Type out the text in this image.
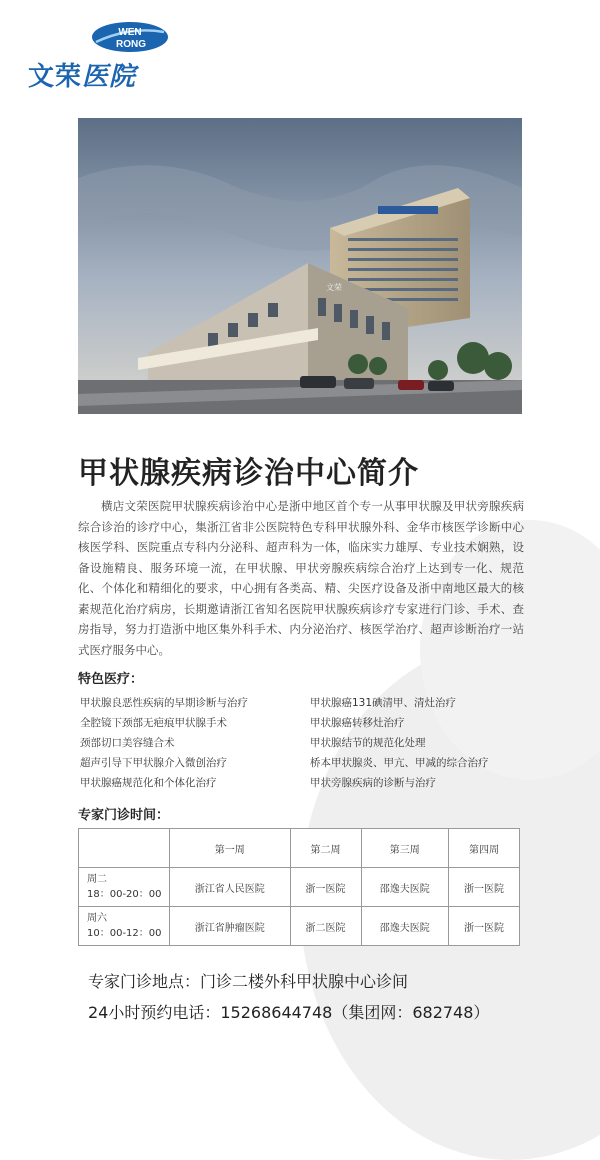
WEN
RONG
文荣医院
文荣
甲状腺疾病诊治中心简介
横店文荣医院甲状腺疾病诊治中心是浙中地区首个专一从事甲状腺及甲状旁腺疾病综合诊治的诊疗中心，集浙江省非公医院特色专科甲状腺外科、金华市核医学诊断中心核医学科、医院重点专科内分泌科、超声科为一体，临床实力雄厚、专业技术娴熟，设备设施精良、服务环境一流，在甲状腺、甲状旁腺疾病综合治疗上达到专一化、规范化、个体化和精细化的要求，中心拥有各类高、精、尖医疗设备及浙中南地区最大的核素规范化治疗病房，长期邀请浙江省知名医院甲状腺疾病诊疗专家进行门诊、手术、查房指导，努力打造浙中地区集外科手术、内分泌治疗、核医学治疗、超声诊断治疗一站式医疗服务中心。
特色医疗：
甲状腺良恶性疾病的早期诊断与治疗	甲状腺癌131碘清甲、清灶治疗
全腔镜下颈部无疤痕甲状腺手术	甲状腺癌转移灶治疗
颈部切口美容缝合术	甲状腺结节的规范化处理
超声引导下甲状腺介入微创治疗	桥本甲状腺炎、甲亢、甲减的综合治疗
甲状腺癌规范化和个体化治疗	甲状旁腺疾病的诊断与治疗
专家门诊时间：
	第一周	第二周	第三周	第四周

周二
18：00-20：00	浙江省人民医院	浙一医院	邵逸夫医院	浙一医院

周六
10：00-12：00	浙江省肿瘤医院	浙二医院	邵逸夫医院	浙一医院
专家门诊地点：门诊二楼外科甲状腺中心诊间
24小时预约电话：15268644748（集团网：682748）
